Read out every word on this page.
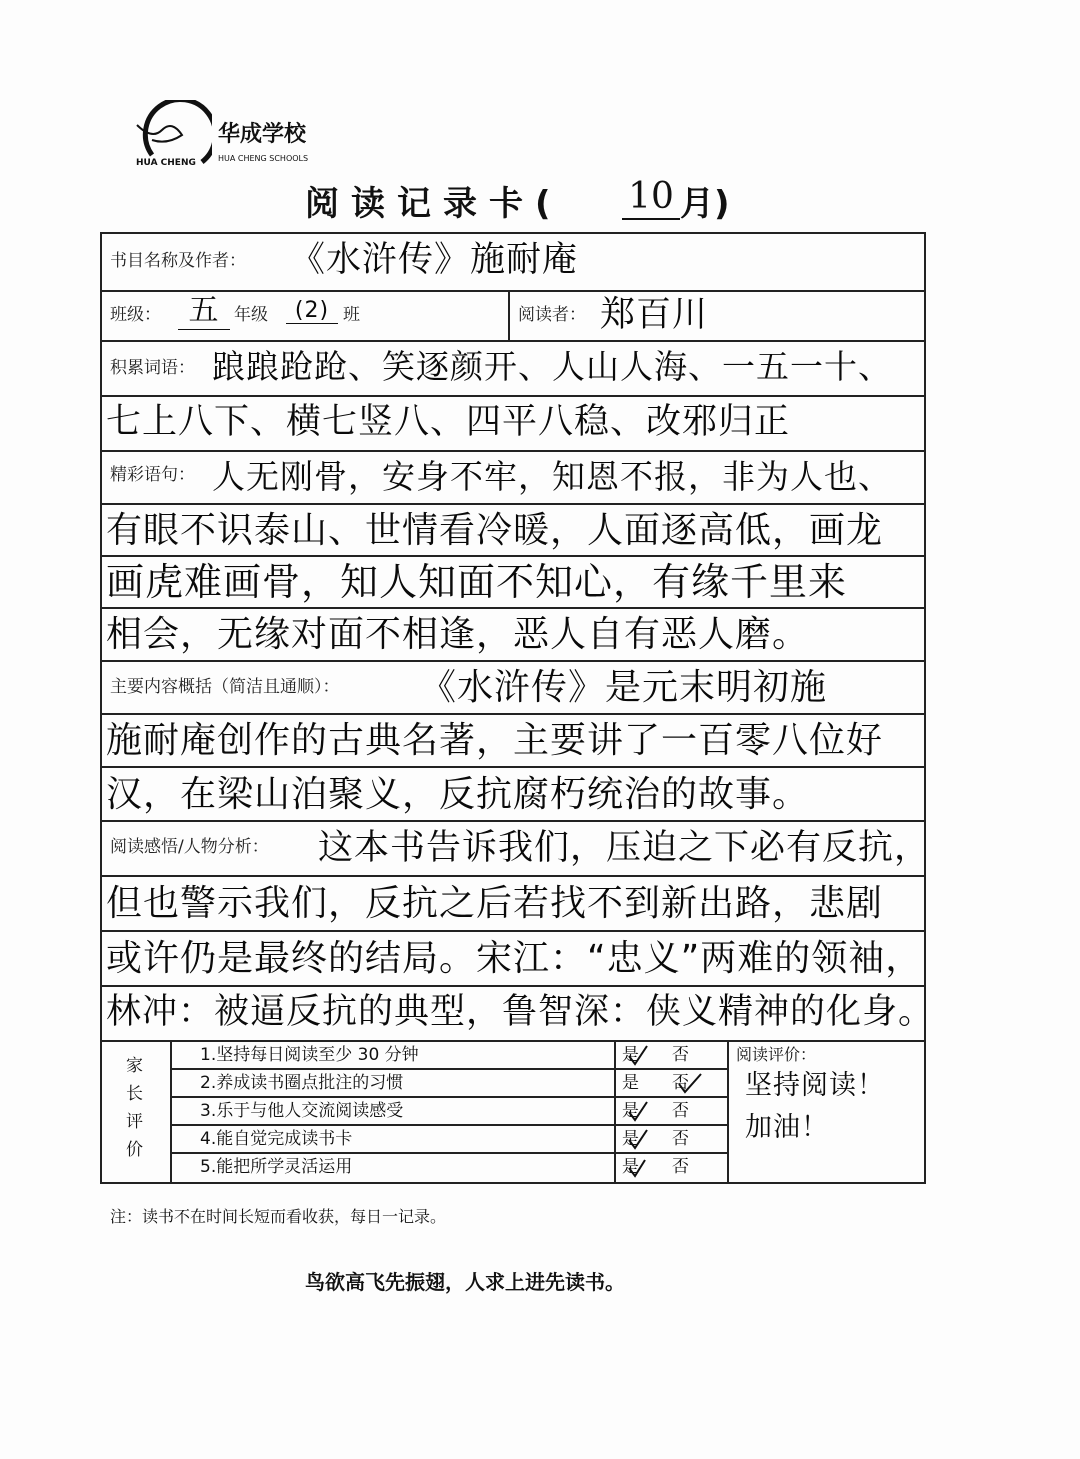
HUA CHENG
华成学校
HUA CHENG SCHOOLS
阅读记录卡( 10 月)
书目名称及作者： 《水浒传》施耐庵
班级： 五 年级	(2) 班	阅读者： 郑百川
积累词语： 踉踉跄跄、笑逐颜开、人山人海、一五一十、
七上八下、横七竖八、四平八稳、改邪归正
精彩语句： 人无刚骨，安身不牢，知恩不报，非为人也、
有眼不识泰山、世情看冷暖，人面逐高低，画龙
画虎难画骨，知人知面不知心，有缘千里来
相会，无缘对面不相逢，恶人自有恶人磨。
主要内容概括（简洁且通顺）： 《水浒传》是元末明初施
施耐庵创作的古典名著，主要讲了一百零八位好
汉，在梁山泊聚义，反抗腐朽统治的故事。
阅读感悟/人物分析： 这本书告诉我们，压迫之下必有反抗，
但也警示我们，反抗之后若找不到新出路，悲剧
或许仍是最终的结局。宋江：“忠义”两难的领袖，
林冲：被逼反抗的典型，鲁智深：侠义精神的化身。
家长评价
1.坚持每日阅读至少 30 分钟
2.养成读书圈点批注的习惯
3.乐于与他人交流阅读感受
4.能自觉完成读书卡
5.能把所学灵活运用
是 否
是 否
是 否
是 否
是 否
阅读评价：
坚持阅读！
加油！
注：读书不在时间长短而看收获，每日一记录。
鸟欲高飞先振翅，人求上进先读书。
